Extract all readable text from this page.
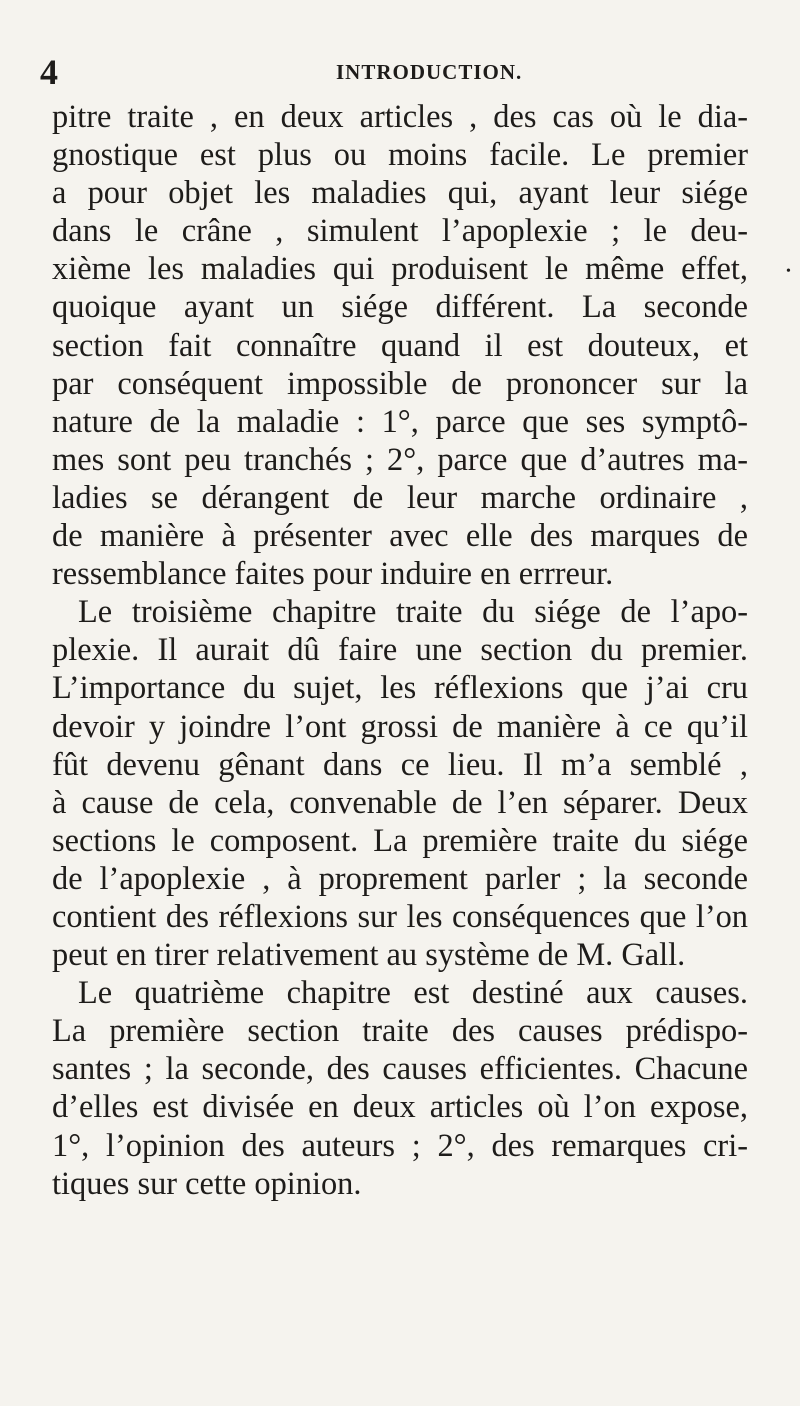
4	INTRODUCTION.
•
pitre traite , en deux articles , des cas où le dia-
gnostique est plus ou moins facile. Le premier
a pour objet les maladies qui, ayant leur siége
dans le crâne , simulent l’apoplexie ; le deu-
xième les maladies qui produisent le même effet,
quoique ayant un siége différent. La seconde
section fait connaître quand il est douteux, et
par conséquent impossible de prononcer sur la
nature de la maladie : 1°, parce que ses symptô-
mes sont peu tranchés ; 2°, parce que d’autres ma-
ladies se dérangent de leur marche ordinaire ,
de manière à présenter avec elle des marques de
ressemblance faites pour induire en errreur.
Le troisième chapitre traite du siége de l’apo-
plexie. Il aurait dû faire une section du premier.
L’importance du sujet, les réflexions que j’ai cru
devoir y joindre l’ont grossi de manière à ce qu’il
fût devenu gênant dans ce lieu. Il m’a semblé ,
à cause de cela, convenable de l’en séparer. Deux
sections le composent. La première traite du siége
de l’apoplexie , à proprement parler ; la seconde
contient des réflexions sur les conséquences que l’on
peut en tirer relativement au système de M. Gall.
Le quatrième chapitre est destiné aux causes.
La première section traite des causes prédispo-
santes ; la seconde, des causes efficientes. Chacune
d’elles est divisée en deux articles où l’on expose,
1°, l’opinion des auteurs ; 2°, des remarques cri-
tiques sur cette opinion.
